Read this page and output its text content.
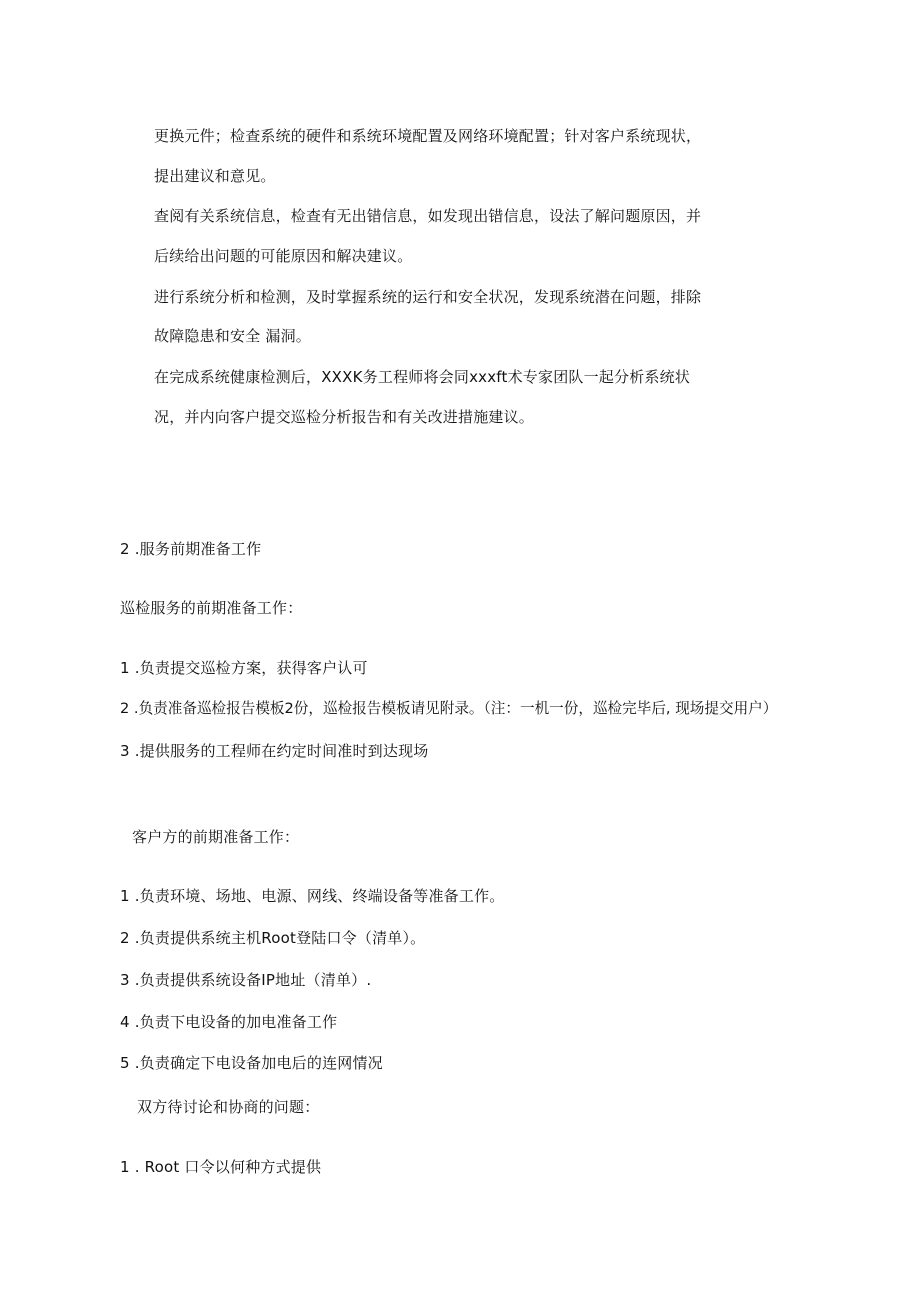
更换元件；检查系统的硬件和系统环境配置及网络环境配置；针对客户系统现状，
提出建议和意见。
查阅有关系统信息，检查有无出错信息，如发现出错信息，设法了解问题原因，并
后续给出问题的可能原因和解决建议。
进行系统分析和检测，及时掌握系统的运行和安全状况，发现系统潜在问题，排除
故障隐患和安全 漏洞。
在完成系统健康检测后，XXXK务工程师将会同xxxft术专家团队一起分析系统状
况，并内向客户提交巡检分析报告和有关改进措施建议。
2 .服务前期准备工作
巡检服务的前期准备工作：
1 .负责提交巡检方案，获得客户认可
2 .负责准备巡检报告模板2份，巡检报告模板请见附录。（注：一机一份，巡检完毕后, 现场提交用户）
3 .提供服务的工程师在约定时间准时到达现场
客户方的前期准备工作：
1 .负责环境、场地、电源、网线、终端设备等准备工作。
2 .负责提供系统主机Root登陆口令（清单）。
3 .负责提供系统设备IP地址（清单）.
4 .负责下电设备的加电准备工作
5 .负责确定下电设备加电后的连网情况
双方待讨论和协商的问题：
1 . Root 口令以何种方式提供
